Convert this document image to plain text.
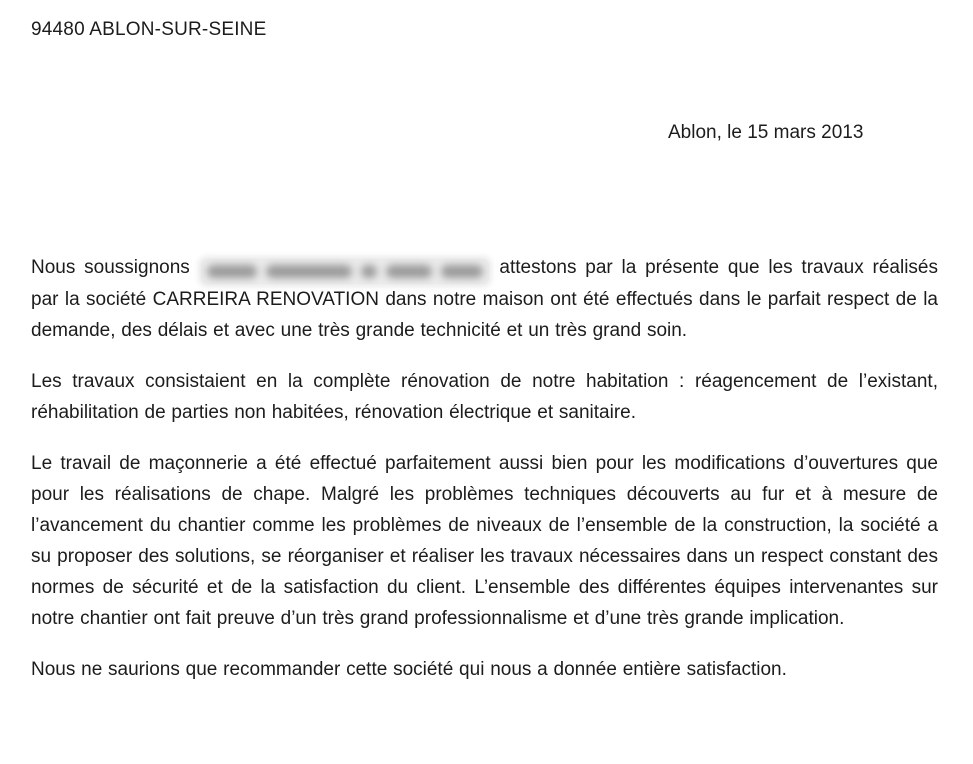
94480 ABLON-SUR-SEINE
Ablon, le 15 mars 2013

Nous soussignons	attestons par la présente que les travaux réalisés par la société CARREIRA RENOVATION dans notre maison ont été effectués dans le parfait respect de la demande, des délais et avec une très grande technicité et un très grand soin.

Les travaux consistaient en la complète rénovation de notre habitation : réagencement de l’existant, réhabilitation de parties non habitées, rénovation électrique et sanitaire.

Le travail de maçonnerie a été effectué parfaitement aussi bien pour les modifications d’ouvertures que pour les réalisations de chape. Malgré les problèmes techniques découverts au fur et à mesure de l’avancement du chantier comme les problèmes de niveaux de l’ensemble de la construction, la société a su proposer des solutions, se réorganiser et réaliser les travaux nécessaires dans un respect constant des normes de sécurité et de la satisfaction du client. L’ensemble des différentes équipes intervenantes sur notre chantier ont fait preuve d’un très grand professionnalisme et d’une très grande implication.

Nous ne saurions que recommander cette société qui nous a donnée entière satisfaction.
